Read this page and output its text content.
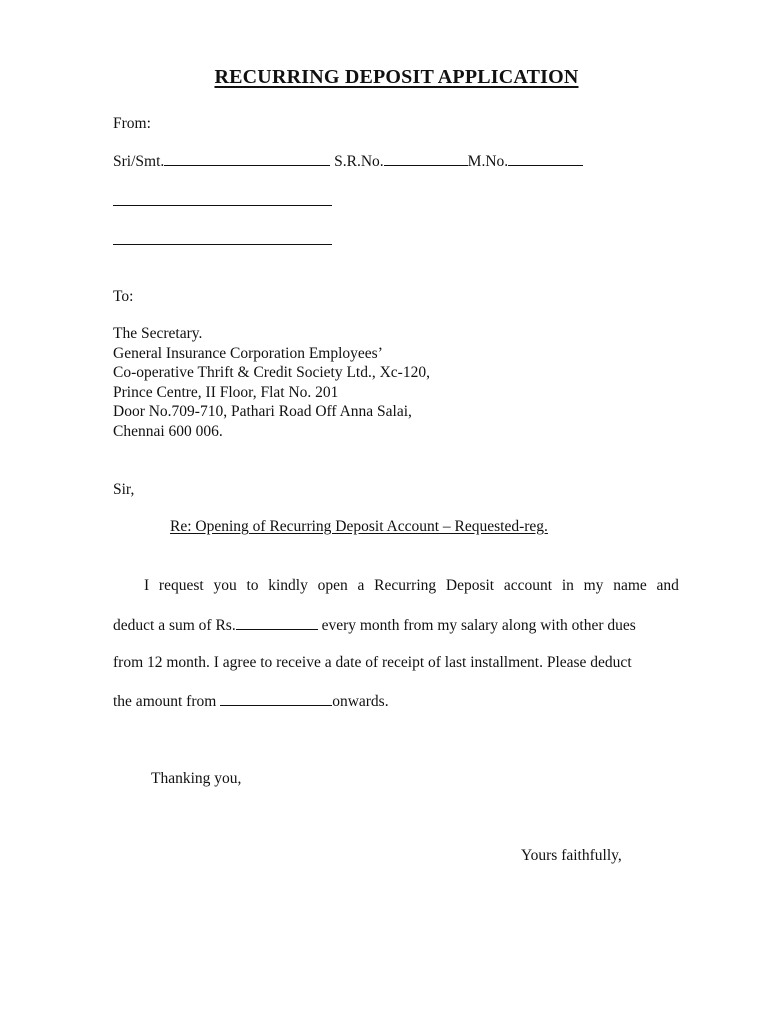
RECURRING DEPOSIT APPLICATION
From:
Sri/Smt.	S.R.No.	M.No.
To:
The Secretary.
General Insurance Corporation Employees’
Co-operative Thrift & Credit Society Ltd., Xc-120,
Prince Centre, II Floor, Flat No. 201
Door No.709-710, Pathari Road Off Anna Salai,
Chennai 600 006.
Sir,
Re: Opening of Recurring Deposit Account – Requested-reg.
I request you to kindly open a Recurring Deposit account in my name and
deduct a sum of Rs.	every month from my salary along with other dues
from 12 month. I agree to receive a date of receipt of last installment. Please deduct
the amount from	onwards.
Thanking you,
Yours faithfully,
